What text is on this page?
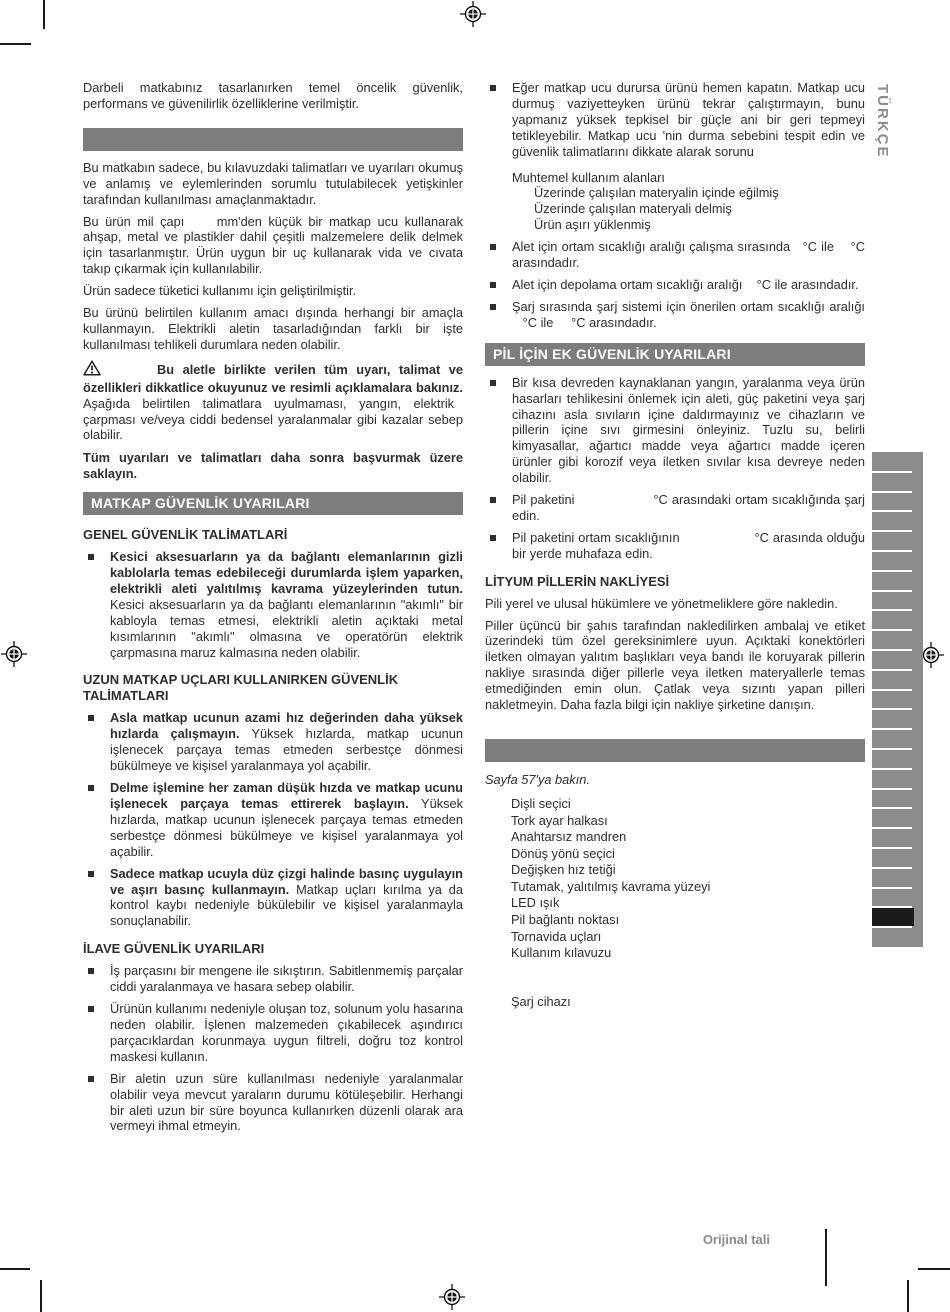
TÜRKÇE
Darbeli matkabınız tasarlanırken temel öncelik güvenlik, performans ve güvenilirlik özelliklerine verilmiştir.
Bu matkabın sadece, bu kılavuzdaki talimatları ve uyarıları okumuş ve anlamış ve eylemlerinden sorumlu tutulabilecek yetişkinler tarafından kullanılması amaçlanmaktadır.
Bu ürün mil çapı     mm'den küçük bir matkap ucu kullanarak ahşap, metal ve plastikler dahil çeşitli malzemelere delik delmek için tasarlanmıştır. Ürün uygun bir uç kullanarak vida ve cıvata takıp çıkarmak için kullanılabilir.
Ürün sadece tüketici kullanımı için geliştirilmiştir.
Bu ürünü belirtilen kullanım amacı dışında herhangi bir amaçla kullanmayın. Elektrikli aletin tasarladığından farklı bir işte kullanılması tehlikeli durumlara neden olabilir.
Bu aletle birlikte verilen tüm uyarı, talimat ve özellikleri dikkatlice okuyunuz ve resimli açıklamalara bakınız. Aşağıda belirtilen talimatlara uyulmaması, yangın, elektrik çarpması ve/veya ciddi bedensel yaralanmalar gibi kazalar sebep olabilir.
Tüm uyarıları ve talimatları daha sonra başvurmak üzere saklayın.
MATKAP GÜVENLİK UYARILARI
GENEL GÜVENLİK TALİMATLARİ
Kesici aksesuarların ya da bağlantı elemanlarının gizli kablolarla temas edebileceği durumlarda işlem yaparken, elektrikli aleti yalıtılmış kavrama yüzeylerinden tutun. Kesici aksesuarların ya da bağlantı elemanlarının "akımlı" bir kabloyla temas etmesi, elektrikli aletin açıktaki metal kısımlarının "akımlı" olmasına ve operatörün elektrik çarpmasına maruz kalmasına neden olabilir.
UZUN MATKAP UÇLARI KULLANIRKEN GÜVENLİK TALİMATLARI
Asla matkap ucunun azami hız değerinden daha yüksek hızlarda çalışmayın. Yüksek hızlarda, matkap ucunun işlenecek parçaya temas etmeden serbestçe dönmesi bükülmeye ve kişisel yaralanmaya yol açabilir.
Delme işlemine her zaman düşük hızda ve matkap ucunu işlenecek parçaya temas ettirerek başlayın. Yüksek hızlarda, matkap ucunun işlenecek parçaya temas etmeden serbestçe dönmesi bükülmeye ve kişisel yaralanmaya yol açabilir.
Sadece matkap ucuyla düz çizgi halinde basınç uygulayın ve aşırı basınç kullanmayın. Matkap uçları kırılma ya da kontrol kaybı nedeniyle bükülebilir ve kişisel yaralanmayla sonuçlanabilir.
İLAVE GÜVENLİK UYARILARI
İş parçasını bir mengene ile sıkıştırın. Sabitlenmemiş parçalar ciddi yaralanmaya ve hasara sebep olabilir.
Ürünün kullanımı nedeniyle oluşan toz, solunum yolu hasarına neden olabilir. İşlenen malzemeden çıkabilecek aşındırıcı parçacıklardan korunmaya uygun filtreli, doğru toz kontrol maskesi kullanın.
Bir aletin uzun süre kullanılması nedeniyle yaralanmalar olabilir veya mevcut yaraların durumu kötüleşebilir. Herhangi bir aleti uzun bir süre boyunca kullanırken düzenli olarak ara vermeyi ihmal etmeyin.
Eğer matkap ucu durursa ürünü hemen kapatın. Matkap ucu durmuş vaziyetteyken ürünü tekrar çalıştırmayın, bunu yapmanız yüksek tepkisel bir güçle ani bir geri tepmeyi tetikleyebilir. Matkap ucu 'nin durma sebebini tespit edin ve güvenlik talimatlarını dikkate alarak sorunu
Muhtemel kullanım alanları
Üzerinde çalışılan materyalin içinde eğilmiş
Üzerinde çalışılan materyali delmiş
Ürün aşırı yüklenmiş
Alet için ortam sıcaklığı aralığı çalışma sırasında   °C ile    °C arasındadır.
Alet için depolama ortam sıcaklığı aralığı    °C ile arasındadır.
Şarj sırasında şarj sistemi için önerilen ortam sıcaklığı aralığı    °C ile     °C arasındadır.
PİL İÇİN EK GÜVENLİK UYARILARI
Bir kısa devreden kaynaklanan yangın, yaralanma veya ürün hasarları tehlikesini önlemek için aleti, güç paketini veya şarj cihazını asla sıvıların içine daldırmayınız ve cihazların ve pillerin içine sıvı girmesini önleyiniz. Tuzlu su, belirli kimyasallar, ağartıcı madde veya ağartıcı madde içeren ürünler gibi korozif veya iletken sıvılar kısa devreye neden olabilir.
Pil paketini                   °C arasındaki ortam sıcaklığında şarj edin.
Pil paketini ortam sıcaklığının                   °C arasında olduğu bir yerde muhafaza edin.
LİTYUM PİLLERİN NAKLİYESİ
Pili yerel ve ulusal hükümlere ve yönetmeliklere göre nakledin.
Piller üçüncü bir şahıs tarafından nakledilirken ambalaj ve etiket üzerindeki tüm özel gereksinimlere uyun. Açıktaki konektörleri iletken olmayan yalıtım başlıkları veya bandı ile koruyarak pillerin nakliye sırasında diğer pillerle veya iletken materyallerle temas etmediğinden emin olun. Çatlak veya sızıntı yapan pilleri nakletmeyin. Daha fazla bilgi için nakliye şirketine danışın.
Sayfa 57'ya bakın.
Dişli seçici
Tork ayar halkası
Anahtarsız mandren
Dönüş yönü seçici
Değişken hız tetiği
Tutamak, yalıtılmış kavrama yüzeyi
LED ışık
Pil bağlantı noktası
Tornavida uçları
Kullanım kılavuzu
Şarj cihazı
Orijinal tali
